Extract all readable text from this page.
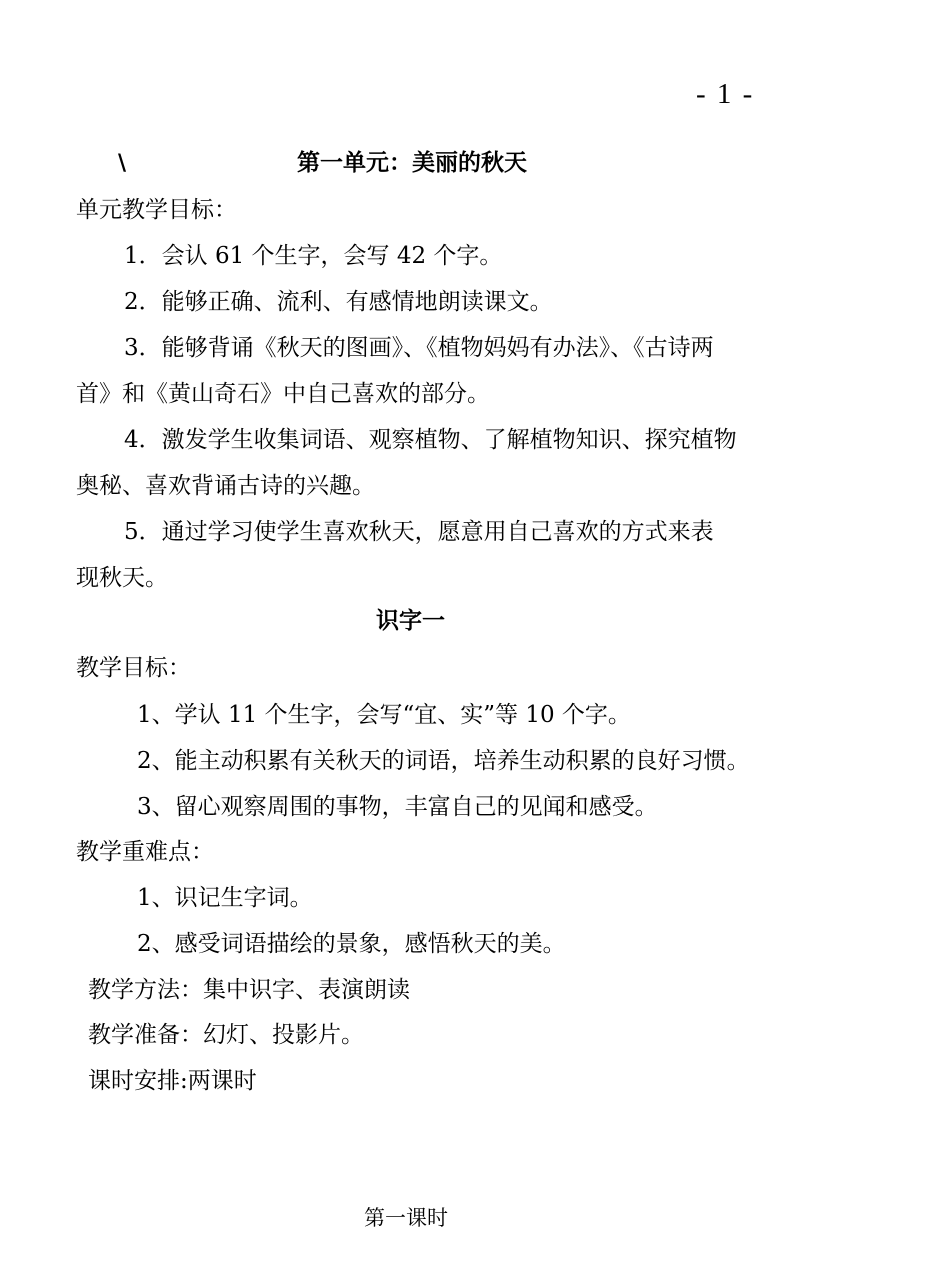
- 1 -
\	第一单元：美丽的秋天
单元教学目标：
1．会认 61 个生字，会写 42 个字。
2．能够正确、流利、有感情地朗读课文。
3．能够背诵《秋天的图画》、《植物妈妈有办法》、《古诗两
首》和《黄山奇石》中自己喜欢的部分。
4．激发学生收集词语、观察植物、了解植物知识、探究植物
奥秘、喜欢背诵古诗的兴趣。
5．通过学习使学生喜欢秋天，愿意用自己喜欢的方式来表
现秋天。
识字一
教学目标：
1、学认 11 个生字，会写“宜、实”等 10 个字。
2、能主动积累有关秋天的词语，培养生动积累的良好习惯。
3、留心观察周围的事物，丰富自己的见闻和感受。
教学重难点：
1、识记生字词。
2、感受词语描绘的景象，感悟秋天的美。
教学方法：集中识字、表演朗读
教学准备：幻灯、投影片。
课时安排:两课时
第一课时
